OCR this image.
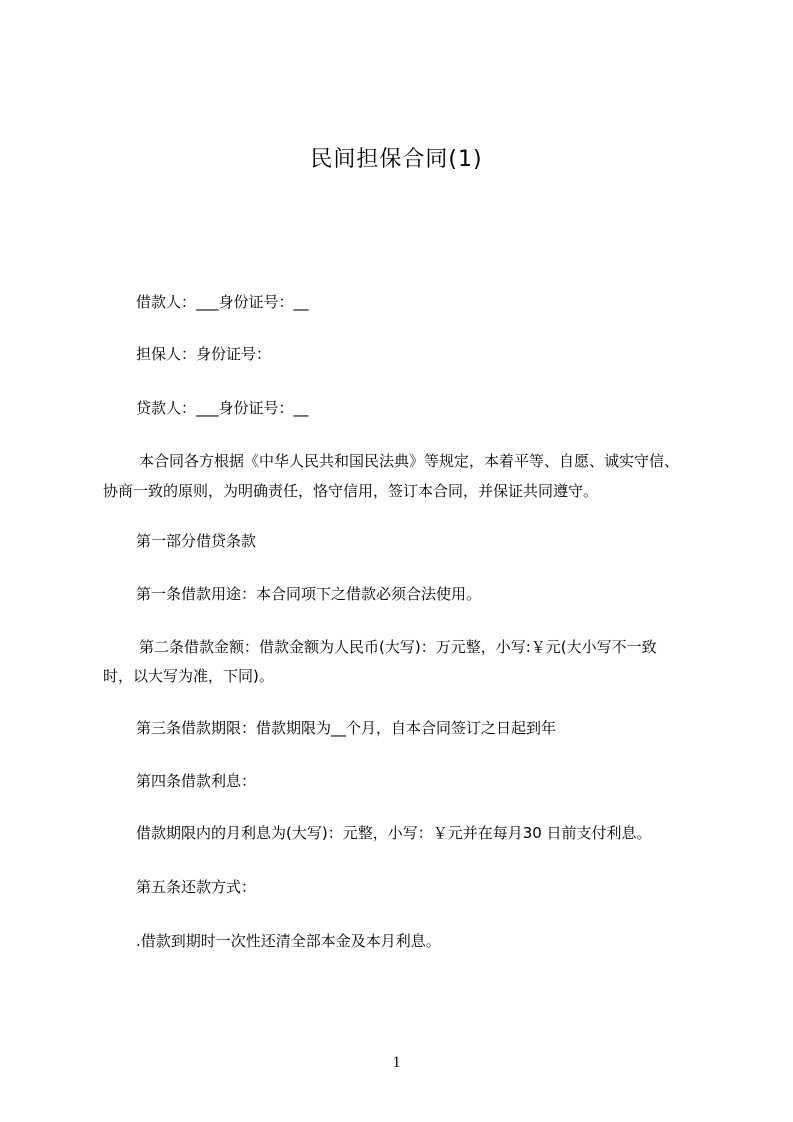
民间担保合同(1)
借款人：___身份证号：__
担保人：身份证号：
贷款人：___身份证号：__
本合同各方根据《中华人民共和国民法典》等规定，本着平等、自愿、诚实守信、
协商一致的原则，为明确责任，恪守信用，签订本合同，并保证共同遵守。
第一部分借贷条款
第一条借款用途：本合同项下之借款必须合法使用。
第二条借款金额：借款金额为人民币(大写)：万元整，小写:￥元(大小写不一致
时，以大写为准，下同)。
第三条借款期限：借款期限为__个月，自本合同签订之日起到年
第四条借款利息：
借款期限内的月利息为(大写)：元整，小写：￥元并在每月30 日前支付利息。
第五条还款方式：
.借款到期时一次性还清全部本金及本月利息。
1
